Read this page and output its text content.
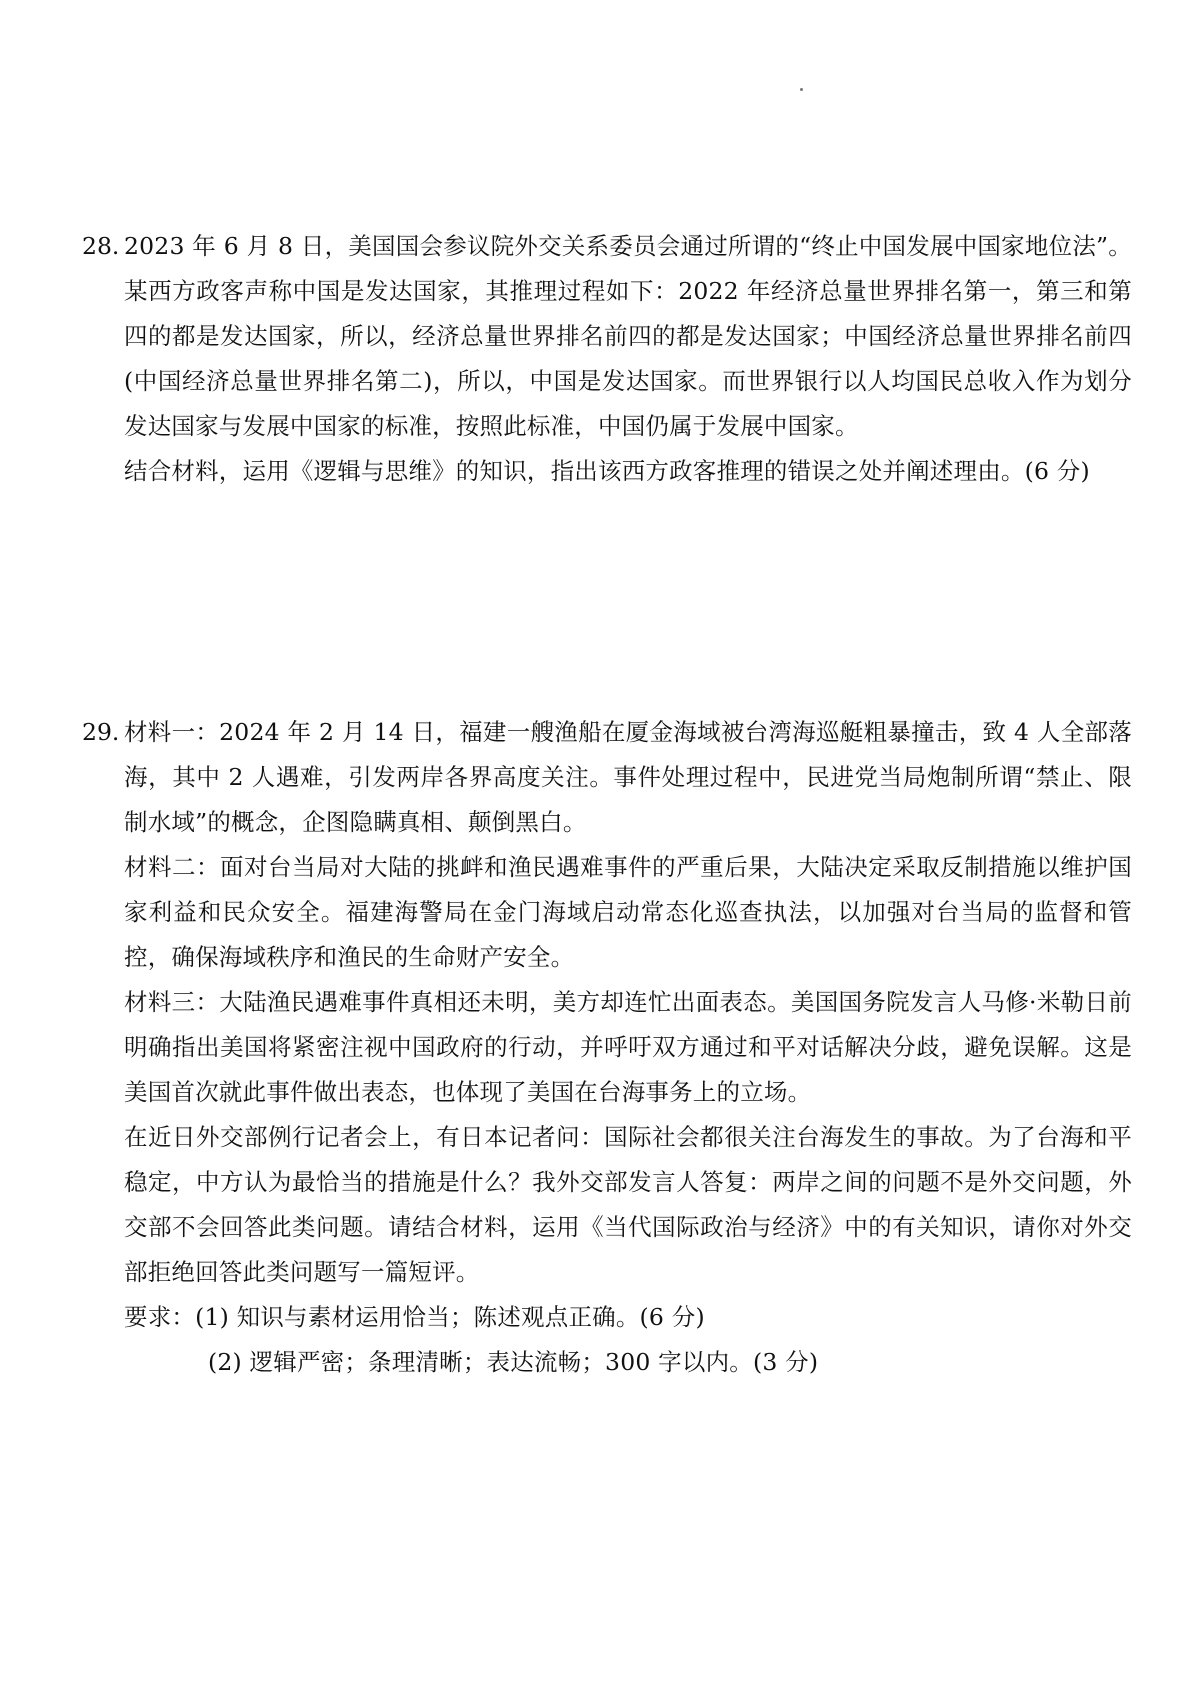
28. 2023 年 6 月 8 日，美国国会参议院外交关系委员会通过所谓的“终止中国发展中国家地位法”。某西方政客声称中国是发达国家，其推理过程如下：2022 年经济总量世界排名第一，第三和第四的都是发达国家，所以，经济总量世界排名前四的都是发达国家；中国经济总量世界排名前四(中国经济总量世界排名第二)，所以，中国是发达国家。而世界银行以人均国民总收入作为划分发达国家与发展中国家的标准，按照此标准，中国仍属于发展中国家。

结合材料，运用《逻辑与思维》的知识，指出该西方政客推理的错误之处并阐述理由。(6 分)

29. 材料一：2024 年 2 月 14 日，福建一艘渔船在厦金海域被台湾海巡艇粗暴撞击，致 4 人全部落海，其中 2 人遇难，引发两岸各界高度关注。事件处理过程中，民进党当局炮制所谓“禁止、限制水域”的概念，企图隐瞒真相、颠倒黑白。

材料二：面对台当局对大陆的挑衅和渔民遇难事件的严重后果，大陆决定采取反制措施以维护国家利益和民众安全。福建海警局在金门海域启动常态化巡查执法，以加强对台当局的监督和管控，确保海域秩序和渔民的生命财产安全。

材料三：大陆渔民遇难事件真相还未明，美方却连忙出面表态。美国国务院发言人马修·米勒日前明确指出美国将紧密注视中国政府的行动，并呼吁双方通过和平对话解决分歧，避免误解。这是美国首次就此事件做出表态，也体现了美国在台海事务上的立场。

在近日外交部例行记者会上，有日本记者问：国际社会都很关注台海发生的事故。为了台海和平稳定，中方认为最恰当的措施是什么？我外交部发言人答复：两岸之间的问题不是外交问题，外交部不会回答此类问题。请结合材料，运用《当代国际政治与经济》中的有关知识，请你对外交部拒绝回答此类问题写一篇短评。

要求：(1) 知识与素材运用恰当；陈述观点正确。(6 分)

(2) 逻辑严密；条理清晰；表达流畅；300 字以内。(3 分)
